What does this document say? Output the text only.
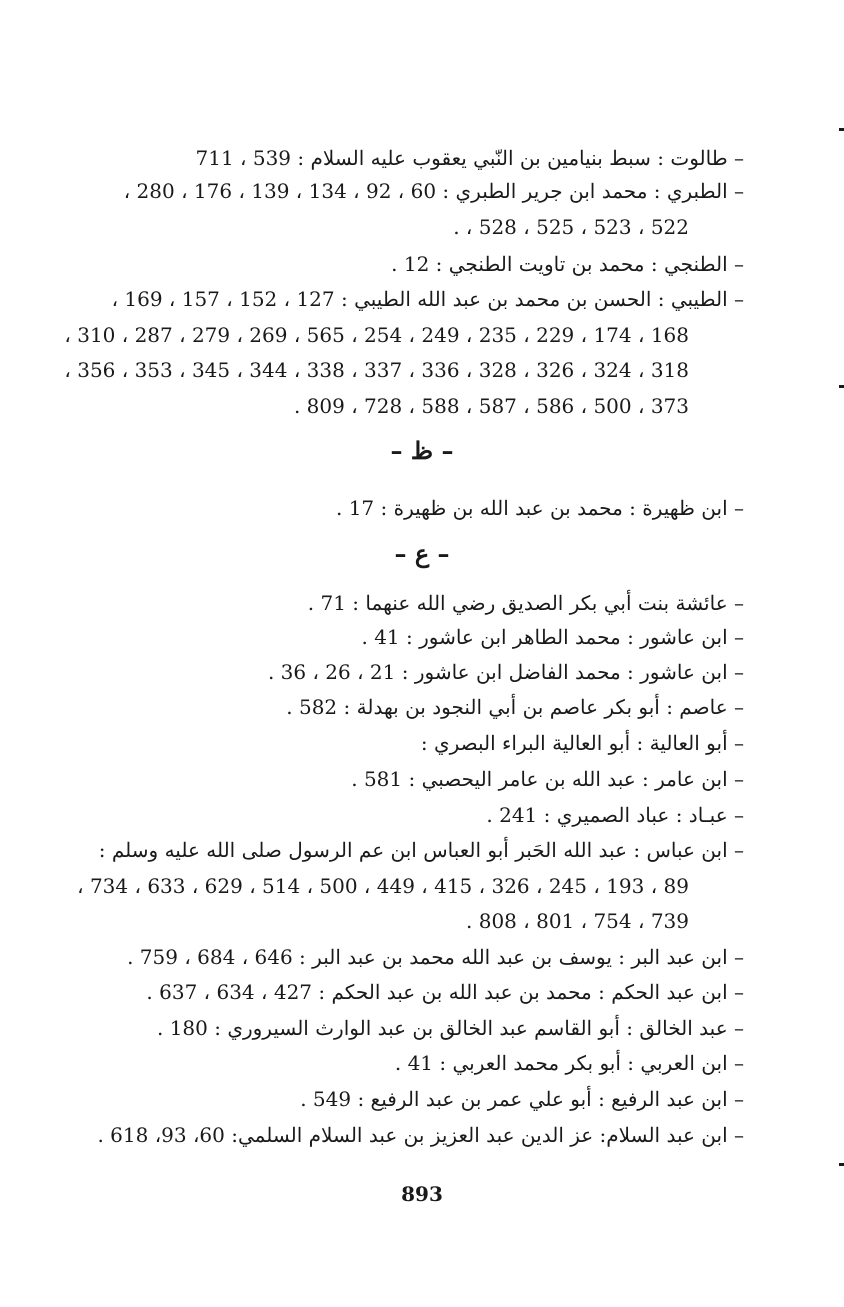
– طالوت : سبط بنيامين بن النّبي يعقوب عليه السلام : 539 ، 711
– الطبري : محمد ابن جرير الطبري : 60 ، 92 ، 134 ، 139 ، 176 ، 280 ،
522 ، 523 ، 525 ، 528 ، .
– الطنجي : محمد بن تاويت الطنجي : 12 .
– الطيبي : الحسن بن محمد بن عبد الله الطيبي : 127 ، 152 ، 157 ، 169 ،
168 ، 174 ، 229 ، 235 ، 249 ، 254 ، 565 ، 269 ، 279 ، 287 ، 310 ،
318 ، 324 ، 326 ، 328 ، 336 ، 337 ، 338 ، 344 ، 345 ، 353 ، 356 ،
373 ، 500 ، 586 ، 587 ، 588 ، 728 ، 809 .
– ظ –
– ابن ظهيرة : محمد بن عبد الله بن ظهيرة : 17 .
– ع –
– عائشة بنت أبي بكر الصديق رضي الله عنهما : 71 .
– ابن عاشور : محمد الطاهر ابن عاشور : 41 .
– ابن عاشور : محمد الفاضل ابن عاشور : 21 ، 26 ، 36 .
– عاصم : أبو بكر عاصم بن أبي النجود بن بهدلة : 582 .
– أبو العالية : أبو العالية البراء البصري :
– ابن عامر : عبد الله بن عامر اليحصبي : 581 .
– عبـاد : عباد الصميري : 241 .
– ابن عباس : عبد الله الحَبر أبو العباس ابن عم الرسول صلى الله عليه وسلم :
89 ، 193 ، 245 ، 326 ، 415 ، 449 ، 500 ، 514 ، 629 ، 633 ، 734 ،
739 ، 754 ، 801 ، 808 .
– ابن عبد البر : يوسف بن عبد الله محمد بن عبد البر : 646 ، 684 ، 759 .
– ابن عبد الحكم : محمد بن عبد الله بن عبد الحكم : 427 ، 634 ، 637 .
– عبد الخالق : أبو القاسم عبد الخالق بن عبد الوارث السيروري : 180 .
– ابن العربي : أبو بكر محمد العربي : 41 .
– ابن عبد الرفيع : أبو علي عمر بن عبد الرفيع : 549 .
– ابن عبد السلام: عز الدين عبد العزيز بن عبد السلام السلمي: 60، 93، 618 .
893
